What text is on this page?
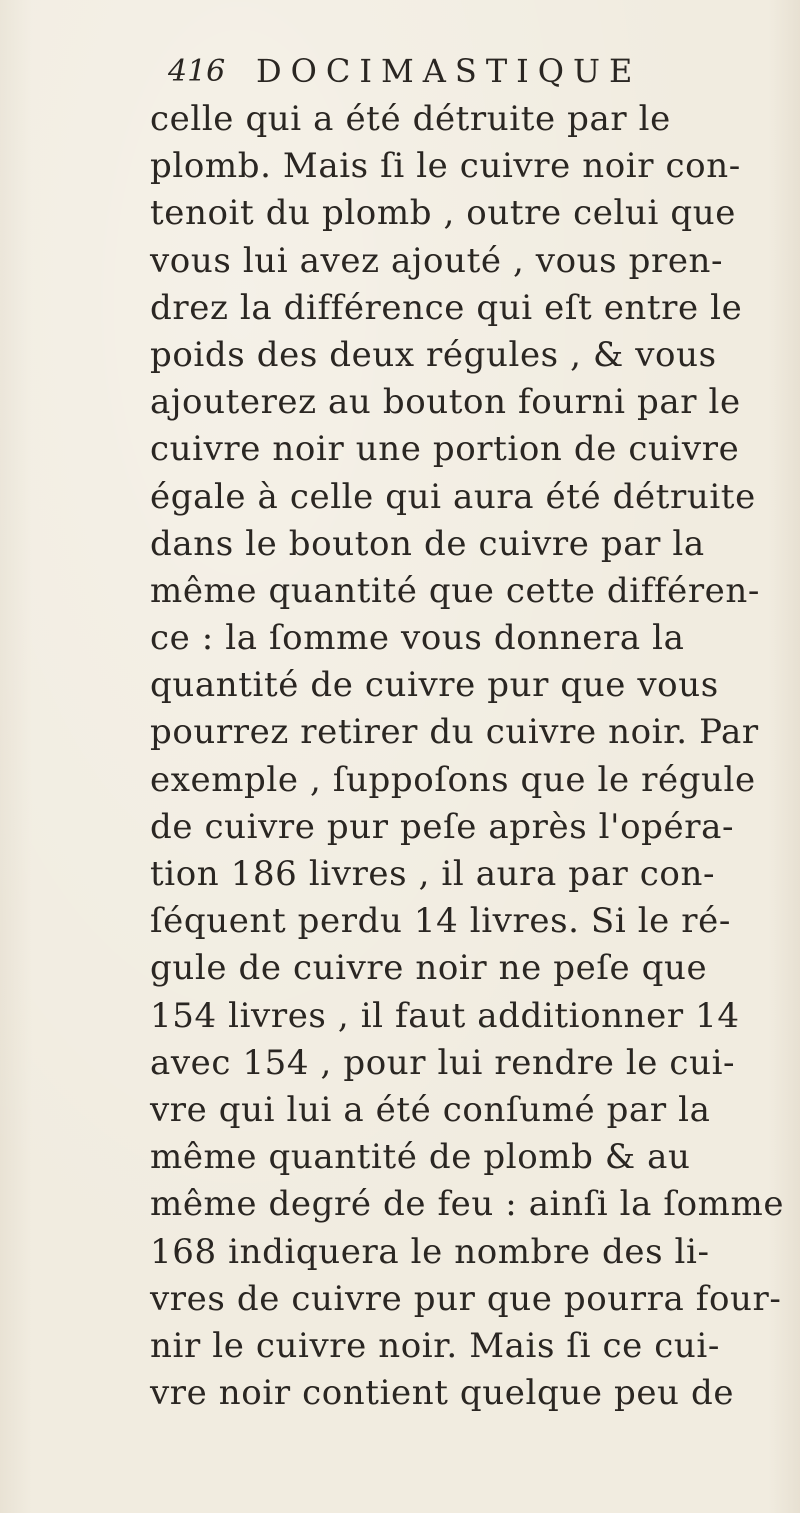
416 DOCIMASTIQUE
celle qui a été détruite par le
plomb. Mais ſi le cuivre noir con-
tenoit du plomb , outre celui que
vous lui avez ajouté , vous pren-
drez la différence qui eſt entre le
poids des deux régules , & vous
ajouterez au bouton fourni par le
cuivre noir une portion de cuivre
égale à celle qui aura été détruite
dans le bouton de cuivre par la
même quantité que cette différen-
ce : la ſomme vous donnera la
quantité de cuivre pur que vous
pourrez retirer du cuivre noir. Par
exemple , ſuppoſons que le régule
de cuivre pur peſe après l'opéra-
tion 186 livres , il aura par con-
ſéquent perdu 14 livres. Si le ré-
gule de cuivre noir ne peſe que
154 livres , il faut additionner 14
avec 154 , pour lui rendre le cui-
vre qui lui a été conſumé par la
même quantité de plomb & au
même degré de feu : ainſi la ſomme
168 indiquera le nombre des li-
vres de cuivre pur que pourra four-
nir le cuivre noir. Mais ſi ce cui-
vre noir contient quelque peu de
